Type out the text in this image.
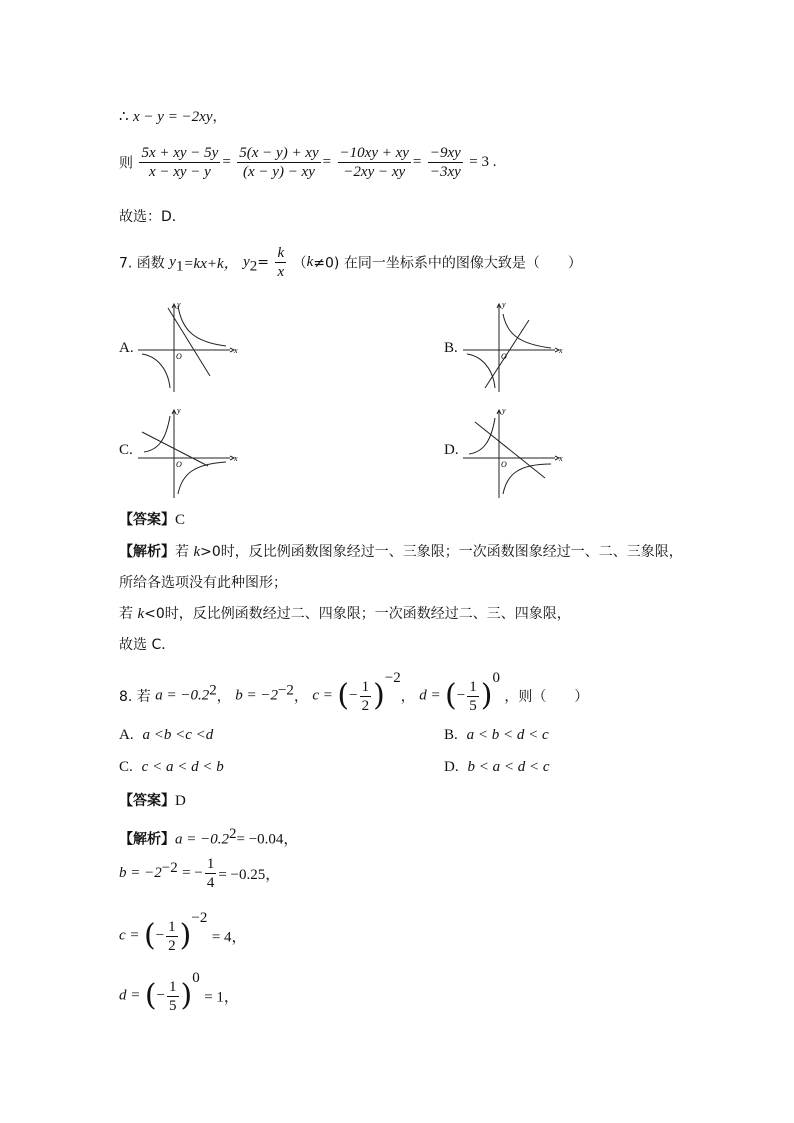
∴ x − y = −2xy，
则 $\frac{5x + xy - 5y}{x - xy - y} = \frac{5(x - y) + xy}{(x - y) - xy} = \frac{-10xy + xy}{-2xy - xy} = \frac{-9xy}{-3xy} = 3$ .
故选：D．
7. 函数 $y_1=kx+k$， $y_2= \frac{k}{x} (k\ne 0)$ 在同一坐标系中的图像大致是（　　）
A.	B.
C.	D.
x
y
O
x
y
O
x
y
O
x
y
O
【答案】C
【解析】若 k>0时，反比例函数图象经过一、三象限；一次函数图象经过一、二、三象限，
所给各选项没有此种图形；
若 k<0时，反比例函数经过二、四象限；一次函数经过二、三、四象限，
故选 C．
8. 若 $a = -0.2^2$， $b = -2^{-2}$， c = (− $\frac{1}{2} )^{-2}$， d = (− $\frac{1}{5} )^0$ ，则（　　）
A. a <b <c <d	B. a < b < d < c
C. c < a < d < b	D. b < a < d < c
【答案】D
【解析】$a = -0.2^2= -0.04$，
$b = -2^{-2}$ = − $\frac{1}{4} = -0.25$，
c = (− $\frac{1}{2} )^{-2} = 4$，
d = (− $\frac{1}{5} )^0 = 1$，
